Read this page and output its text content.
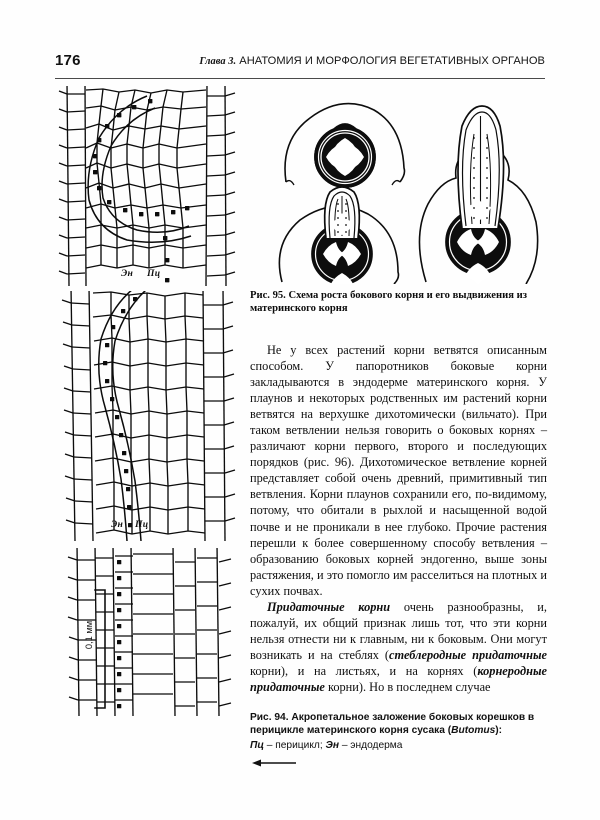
176	Глава 3. АНАТОМИЯ И МОРФОЛОГИЯ ВЕГЕТАТИВНЫХ ОРГАНОВ
0,1 мм
Эн Пц
Эн Пц
Рис. 95. Схема роста бокового корня и его выдвижения из
материнского корня

Не у всех растений корни ветвятся описанным способом. У папоротников боковые корни закладываются в эндодерме материнского корня. У плаунов и некоторых родственных им растений корни ветвятся на верхушке дихотомически (вильчато). При таком ветвлении нельзя говорить о боковых корнях – различают корни первого, второго и последующих порядков (рис. 96). Дихотомическое ветвление корней представляет собой очень древний, примитивный тип ветвления. Корни плаунов сохранили его, по-видимому, потому, что обитали в рыхлой и насыщенной водой почве и не проникали в нее глубоко. Прочие растения перешли к более совершенному способу ветвления – образованию боковых корней эндогенно, выше зоны растяжения, и это помогло им расселиться на плотных и сухих почвах.

Придаточные корни очень разнообразны, и, пожалуй, их общий признак лишь тот, что эти корни нельзя отнести ни к главным, ни к боковым. Они могут возникать и на стеблях (стеблеродные придаточные корни), и на листьях, и на корнях (корнеродные придаточные корни). Но в последнем случае

Рис. 94. Акропетальное заложение боковых корешков в перицикле материнского корня сусака (Butomus):
Пц – перицикл; Эн – эндодерма
